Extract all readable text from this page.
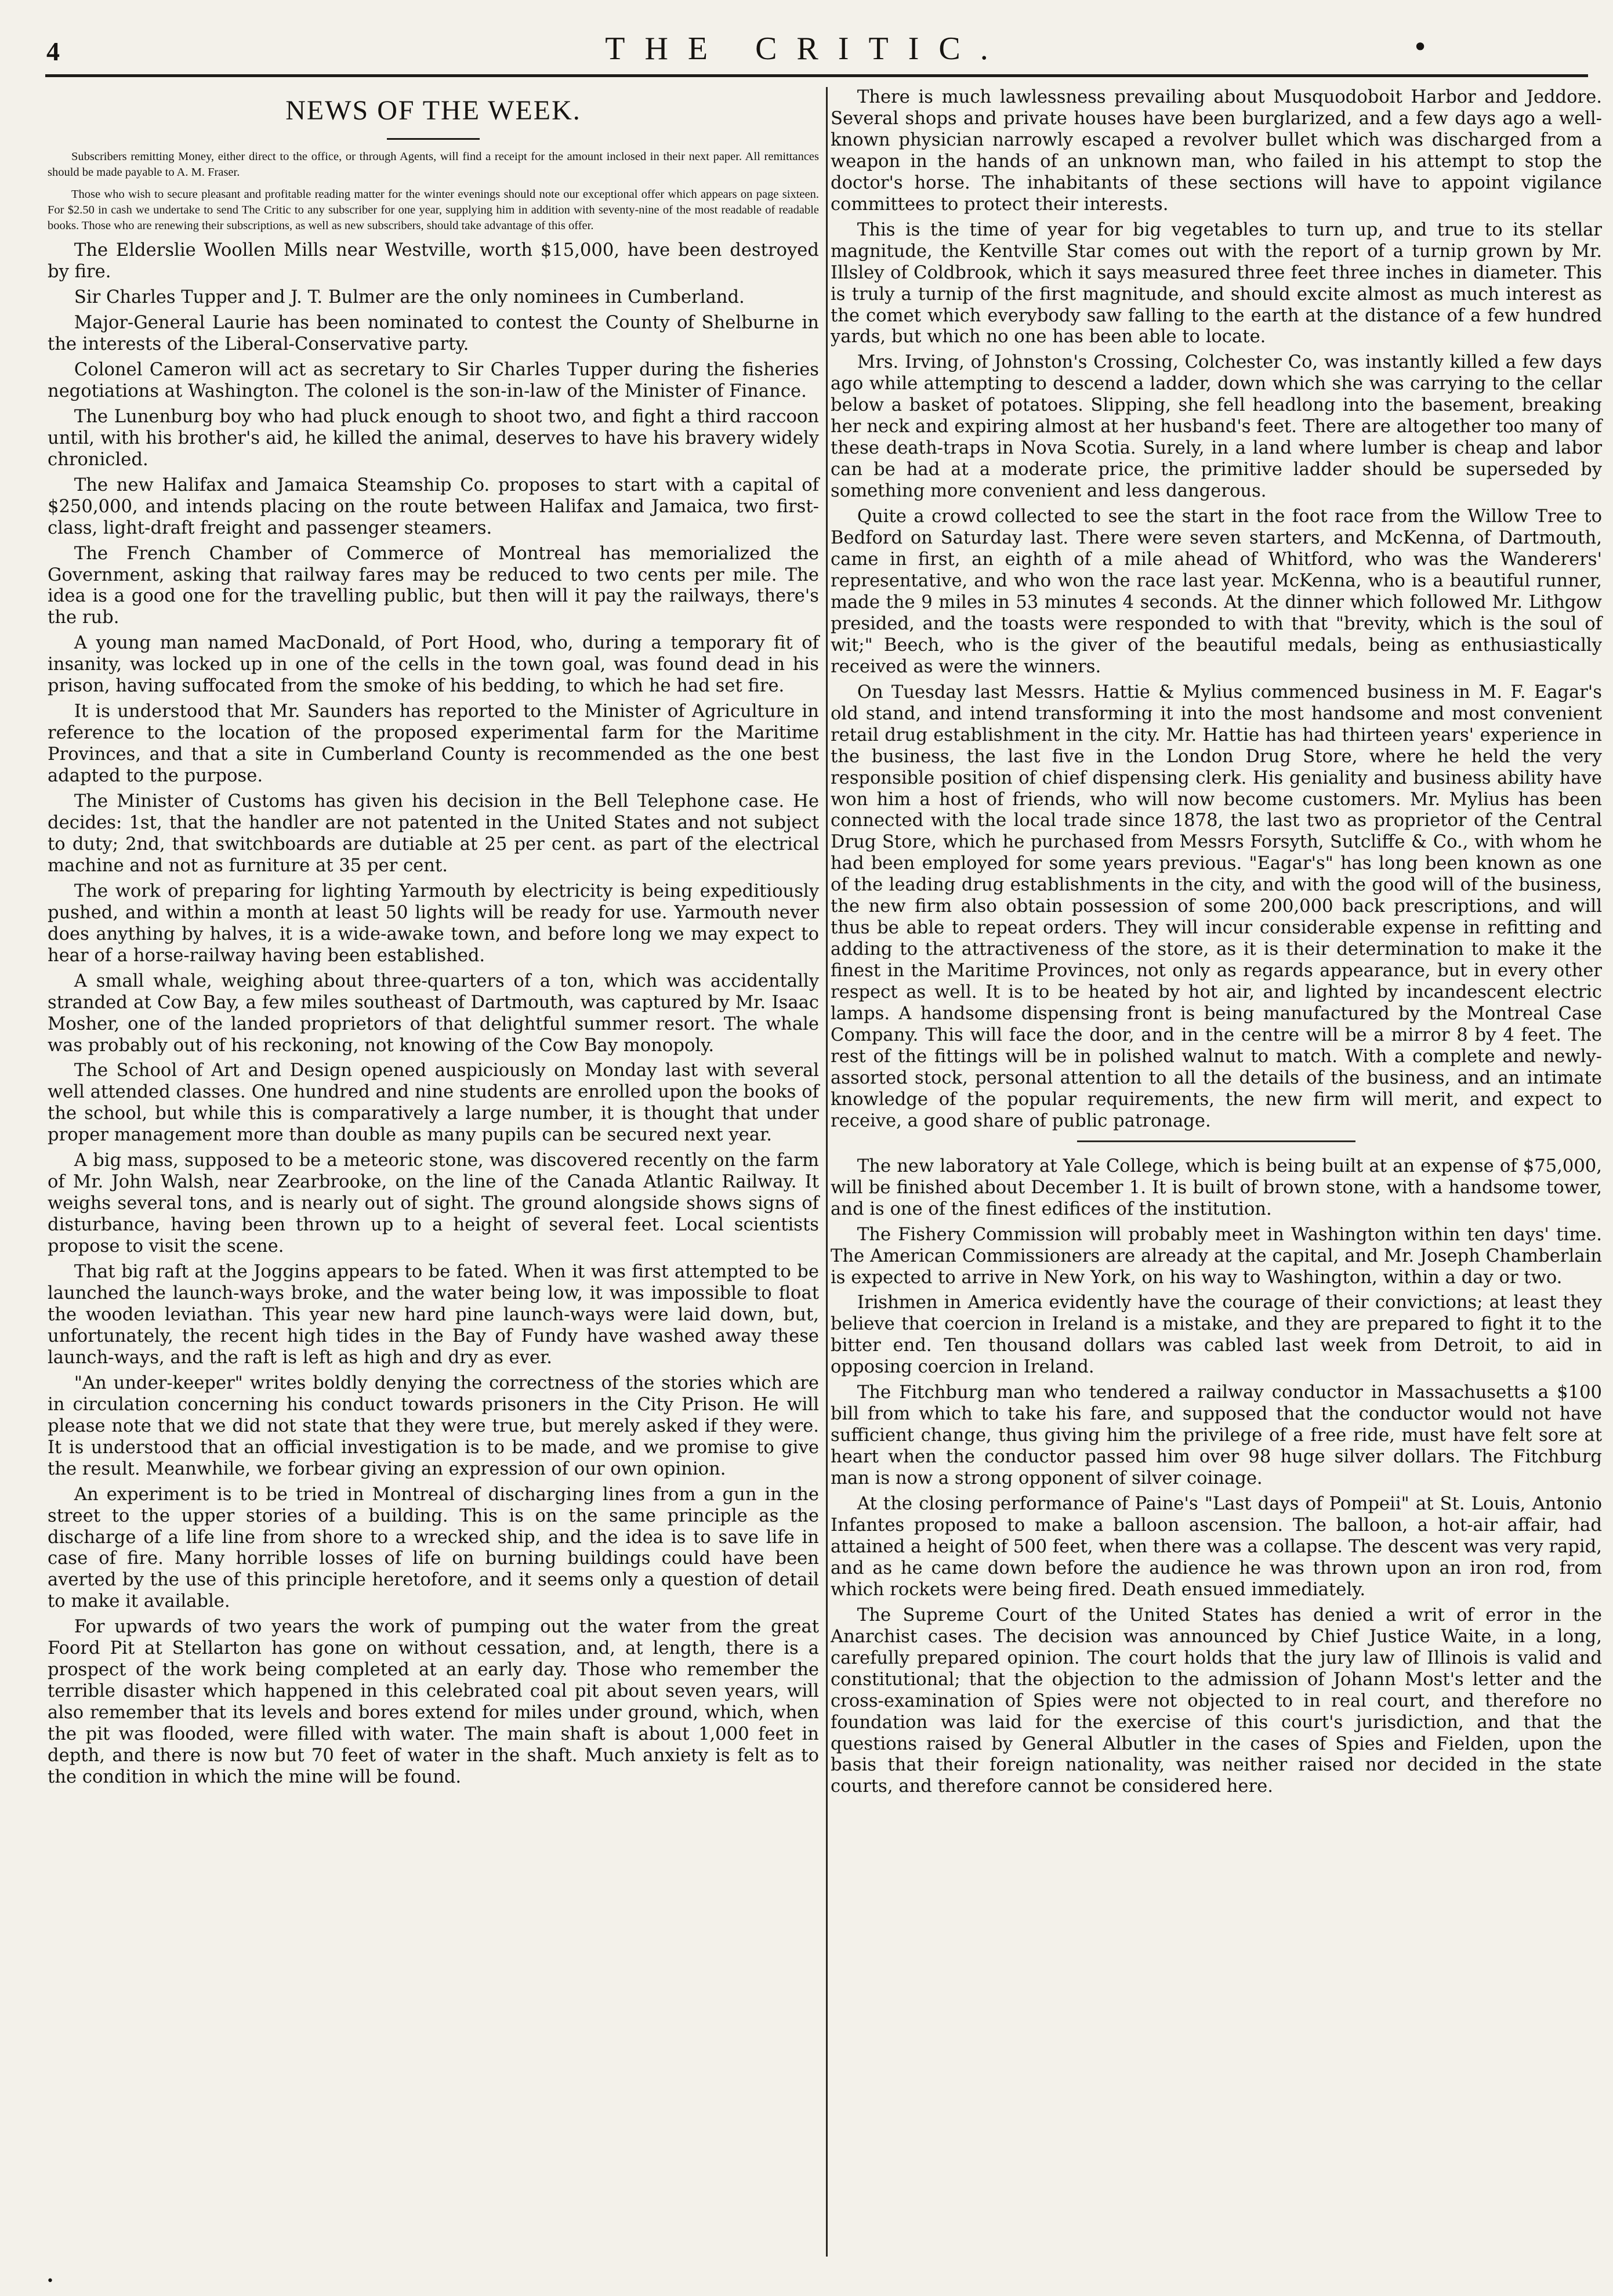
4	THE CRITIC.	•
NEWS OF THE WEEK.

Subscribers remitting Money, either direct to the office, or through Agents, will find a receipt for the amount inclosed in their next paper. All remittances should be made payable to A. M. Fraser.

Those who wish to secure pleasant and profitable reading matter for the winter evenings should note our exceptional offer which appears on page sixteen. For $2.50 in cash we undertake to send The Critic to any subscriber for one year, supplying him in addition with seventy-nine of the most readable of readable books. Those who are renewing their subscriptions, as well as new subscribers, should take advantage of this offer.

The Elderslie Woollen Mills near Westville, worth $15,000, have been destroyed by fire.

Sir Charles Tupper and J. T. Bulmer are the only nominees in Cumberland.

Major-General Laurie has been nominated to contest the County of Shelburne in the interests of the Liberal-Conservative party.

Colonel Cameron will act as secretary to Sir Charles Tupper during the fisheries negotiations at Washington. The colonel is the son-in-law of the Minister of Finance.

The Lunenburg boy who had pluck enough to shoot two, and fight a third raccoon until, with his brother's aid, he killed the animal, deserves to have his bravery widely chronicled.

The new Halifax and Jamaica Steamship Co. proposes to start with a capital of $250,000, and intends placing on the route between Halifax and Jamaica, two first-class, light-draft freight and passenger steamers.

The French Chamber of Commerce of Montreal has memorialized the Government, asking that railway fares may be reduced to two cents per mile. The idea is a good one for the travelling public, but then will it pay the railways, there's the rub.

A young man named MacDonald, of Port Hood, who, during a temporary fit of insanity, was locked up in one of the cells in the town goal, was found dead in his prison, having suffocated from the smoke of his bedding, to which he had set fire.

It is understood that Mr. Saunders has reported to the Minister of Agriculture in reference to the location of the proposed experimental farm for the Maritime Provinces, and that a site in Cumberland County is recommended as the one best adapted to the purpose.

The Minister of Customs has given his decision in the Bell Telephone case. He decides: 1st, that the handler are not patented in the United States and not subject to duty; 2nd, that switchboards are dutiable at 25 per cent. as part of the electrical machine and not as furniture at 35 per cent.

The work of preparing for lighting Yarmouth by electricity is being expeditiously pushed, and within a month at least 50 lights will be ready for use. Yarmouth never does anything by halves, it is a wide-awake town, and before long we may expect to hear of a horse-railway having been established.

A small whale, weighing about three-quarters of a ton, which was accidentally stranded at Cow Bay, a few miles southeast of Dartmouth, was captured by Mr. Isaac Mosher, one of the landed proprietors of that delightful summer resort. The whale was probably out of his reckoning, not knowing of the Cow Bay monopoly.

The School of Art and Design opened auspiciously on Monday last with several well attended classes. One hundred and nine students are enrolled upon the books of the school, but while this is comparatively a large number, it is thought that under proper management more than double as many pupils can be secured next year.

A big mass, supposed to be a meteoric stone, was discovered recently on the farm of Mr. John Walsh, near Zearbrooke, on the line of the Canada Atlantic Railway. It weighs several tons, and is nearly out of sight. The ground alongside shows signs of disturbance, having been thrown up to a height of several feet. Local scientists propose to visit the scene.

That big raft at the Joggins appears to be fated. When it was first attempted to be launched the launch-ways broke, and the water being low, it was impossible to float the wooden leviathan. This year new hard pine launch-ways were laid down, but, unfortunately, the recent high tides in the Bay of Fundy have washed away these launch-ways, and the raft is left as high and dry as ever.

"An under-keeper" writes boldly denying the correctness of the stories which are in circulation concerning his conduct towards prisoners in the City Prison. He will please note that we did not state that they were true, but merely asked if they were. It is understood that an official investigation is to be made, and we promise to give the result. Meanwhile, we forbear giving an expression of our own opinion.

An experiment is to be tried in Montreal of discharging lines from a gun in the street to the upper stories of a building. This is on the same principle as the discharge of a life line from shore to a wrecked ship, and the idea is to save life in case of fire. Many horrible losses of life on burning buildings could have been averted by the use of this principle heretofore, and it seems only a question of detail to make it available.

For upwards of two years the work of pumping out the water from the great Foord Pit at Stellarton has gone on without cessation, and, at length, there is a prospect of the work being completed at an early day. Those who remember the terrible disaster which happened in this celebrated coal pit about seven years, will also remember that its levels and bores extend for miles under ground, which, when the pit was flooded, were filled with water. The main shaft is about 1,000 feet in depth, and there is now but 70 feet of water in the shaft. Much anxiety is felt as to the condition in which the mine will be found.

There is much lawlessness prevailing about Musquodoboit Harbor and Jeddore. Several shops and private houses have been burglarized, and a few days ago a well-known physician narrowly escaped a revolver bullet which was discharged from a weapon in the hands of an unknown man, who failed in his attempt to stop the doctor's horse. The inhabitants of these sections will have to appoint vigilance committees to protect their interests.

This is the time of year for big vegetables to turn up, and true to its stellar magnitude, the Kentville Star comes out with the report of a turnip grown by Mr. Illsley of Coldbrook, which it says measured three feet three inches in diameter. This is truly a turnip of the first magnitude, and should excite almost as much interest as the comet which everybody saw falling to the earth at the distance of a few hundred yards, but which no one has been able to locate.

Mrs. Irving, of Johnston's Crossing, Colchester Co, was instantly killed a few days ago while attempting to descend a ladder, down which she was carrying to the cellar below a basket of potatoes. Slipping, she fell headlong into the basement, breaking her neck and expiring almost at her husband's feet. There are altogether too many of these death-traps in Nova Scotia. Surely, in a land where lumber is cheap and labor can be had at a moderate price, the primitive ladder should be superseded by something more convenient and less dangerous.

Quite a crowd collected to see the start in the foot race from the Willow Tree to Bedford on Saturday last. There were seven starters, and McKenna, of Dartmouth, came in first, an eighth of a mile ahead of Whitford, who was the Wanderers' representative, and who won the race last year. McKenna, who is a beautiful runner, made the 9 miles in 53 minutes 4 seconds. At the dinner which followed Mr. Lithgow presided, and the toasts were responded to with that "brevity, which is the soul of wit;" Beech, who is the giver of the beautiful medals, being as enthusiastically received as were the winners.

On Tuesday last Messrs. Hattie & Mylius commenced business in M. F. Eagar's old stand, and intend transforming it into the most handsome and most convenient retail drug establishment in the city. Mr. Hattie has had thirteen years' experience in the business, the last five in the London Drug Store, where he held the very responsible position of chief dispensing clerk. His geniality and business ability have won him a host of friends, who will now become customers. Mr. Mylius has been connected with the local trade since 1878, the last two as proprietor of the Central Drug Store, which he purchased from Messrs Forsyth, Sutcliffe & Co., with whom he had been employed for some years previous. "Eagar's" has long been known as one of the leading drug establishments in the city, and with the good will of the business, the new firm also obtain possession of some 200,000 back prescriptions, and will thus be able to repeat orders. They will incur considerable expense in refitting and adding to the attractiveness of the store, as it is their determination to make it the finest in the Maritime Provinces, not only as regards appearance, but in every other respect as well. It is to be heated by hot air, and lighted by incandescent electric lamps. A handsome dispensing front is being manufactured by the Montreal Case Company. This will face the door, and in the centre will be a mirror 8 by 4 feet. The rest of the fittings will be in polished walnut to match. With a complete and newly-assorted stock, personal attention to all the details of the business, and an intimate knowledge of the popular requirements, the new firm will merit, and expect to receive, a good share of public patronage.

The new laboratory at Yale College, which is being built at an expense of $75,000, will be finished about December 1. It is built of brown stone, with a handsome tower, and is one of the finest edifices of the institution.

The Fishery Commission will probably meet in Washington within ten days' time. The American Commissioners are already at the capital, and Mr. Joseph Chamberlain is expected to arrive in New York, on his way to Washington, within a day or two.

Irishmen in America evidently have the courage of their convictions; at least they believe that coercion in Ireland is a mistake, and they are prepared to fight it to the bitter end. Ten thousand dollars was cabled last week from Detroit, to aid in opposing coercion in Ireland.

The Fitchburg man who tendered a railway conductor in Massachusetts a $100 bill from which to take his fare, and supposed that the conductor would not have sufficient change, thus giving him the privilege of a free ride, must have felt sore at heart when the conductor passed him over 98 huge silver dollars. The Fitchburg man is now a strong opponent of silver coinage.

At the closing performance of Paine's "Last days of Pompeii" at St. Louis, Antonio Infantes proposed to make a balloon ascension. The balloon, a hot-air affair, had attained a height of 500 feet, when there was a collapse. The descent was very rapid, and as he came down before the audience he was thrown upon an iron rod, from which rockets were being fired. Death ensued immediately.

The Supreme Court of the United States has denied a writ of error in the Anarchist cases. The decision was announced by Chief Justice Waite, in a long, carefully prepared opinion. The court holds that the jury law of Illinois is valid and constitutional; that the objection to the admission of Johann Most's letter and the cross-examination of Spies were not objected to in real court, and therefore no foundation was laid for the exercise of this court's jurisdiction, and that the questions raised by General Albutler in the cases of Spies and Fielden, upon the basis that their foreign nationality, was neither raised nor decided in the state courts, and therefore cannot be considered here.

•
